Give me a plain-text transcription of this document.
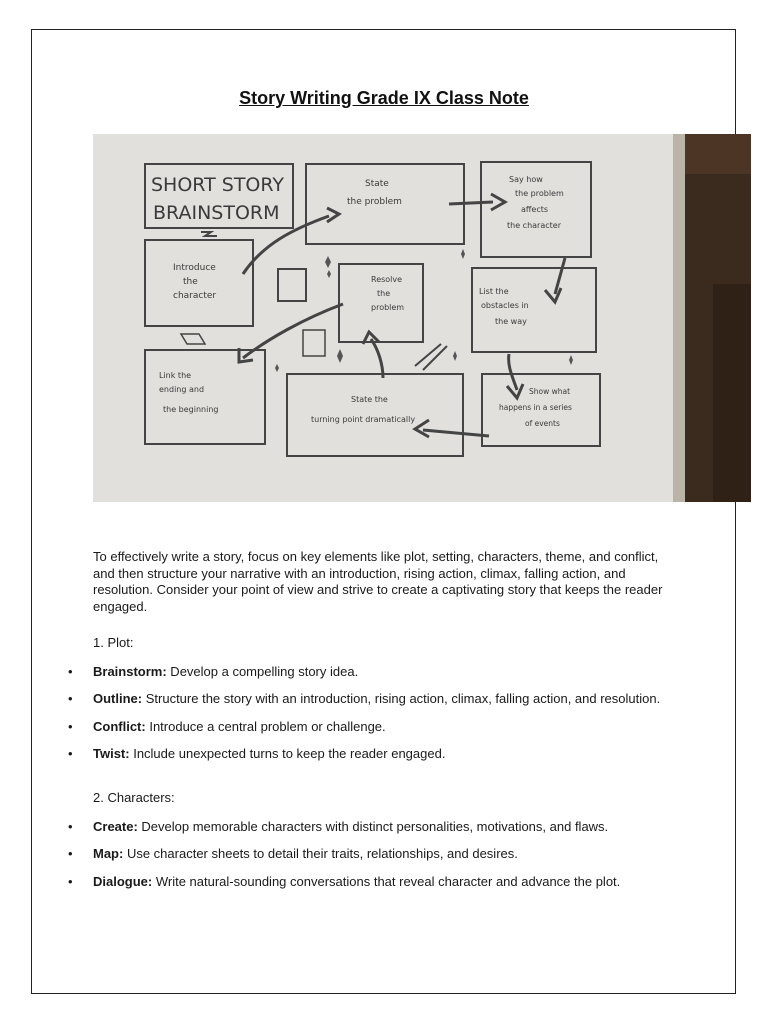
Story Writing Grade IX Class Note
SHORT STORY
BRAINSTORM
Introduce the character
State the problem
Say how the problem affects the character
Resolve the problem
List the obstacles in the way
Link the ending and the beginning
State the turning point dramatically
Show what happens in a series of events
To effectively write a story, focus on key elements like plot, setting, characters, theme, and conflict, and then structure your narrative with an introduction, rising action, climax, falling action, and resolution. Consider your point of view and strive to create a captivating story that keeps the reader engaged.
1. Plot:
• Brainstorm: Develop a compelling story idea.
• Outline: Structure the story with an introduction, rising action, climax, falling action, and resolution.
• Conflict: Introduce a central problem or challenge.
• Twist: Include unexpected turns to keep the reader engaged.
2. Characters:
• Create: Develop memorable characters with distinct personalities, motivations, and flaws.
• Map: Use character sheets to detail their traits, relationships, and desires.
• Dialogue: Write natural-sounding conversations that reveal character and advance the plot.
